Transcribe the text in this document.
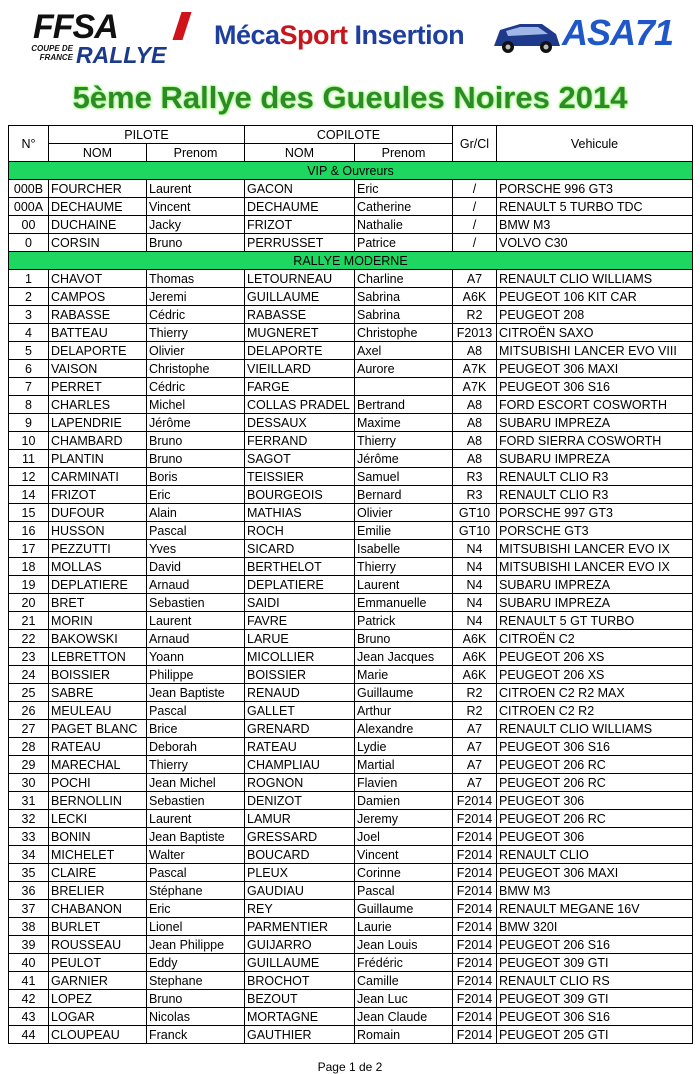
FFSA
COUPE DE FRANCE RALLYE
MécaSport Insertion	ASA71
5ème Rallye des Gueules Noires 2014
N°	PILOTE		COPILOTE		Gr/Cl	Vehicule
	NOM	Prenom	NOM	Prenom		
VIP & Ouvreurs						
000B	FOURCHER	Laurent	GACON	Eric	/	PORSCHE 996 GT3
000A	DECHAUME	Vincent	DECHAUME	Catherine	/	RENAULT 5 TURBO TDC
00	DUCHAINE	Jacky	FRIZOT	Nathalie	/	BMW M3
0	CORSIN	Bruno	PERRUSSET	Patrice	/	VOLVO C30
RALLYE MODERNE						
1	CHAVOT	Thomas	LETOURNEAU	Charline	A7	RENAULT CLIO WILLIAMS
2	CAMPOS	Jeremi	GUILLAUME	Sabrina	A6K	PEUGEOT 106 KIT CAR
3	RABASSE	Cédric	RABASSE	Sabrina	R2	PEUGEOT 208
4	BATTEAU	Thierry	MUGNERET	Christophe	F2013	CITROËN SAXO
5	DELAPORTE	Olivier	DELAPORTE	Axel	A8	MITSUBISHI LANCER EVO VIII
6	VAISON	Christophe	VIEILLARD	Aurore	A7K	PEUGEOT 306 MAXI
7	PERRET	Cédric	FARGE		A7K	PEUGEOT 306 S16
8	CHARLES	Michel	COLLAS PRADEL	Bertrand	A8	FORD ESCORT COSWORTH
9	LAPENDRIE	Jérôme	DESSAUX	Maxime	A8	SUBARU IMPREZA
10	CHAMBARD	Bruno	FERRAND	Thierry	A8	FORD SIERRA COSWORTH
11	PLANTIN	Bruno	SAGOT	Jérôme	A8	SUBARU IMPREZA
12	CARMINATI	Boris	TEISSIER	Samuel	R3	RENAULT CLIO R3
14	FRIZOT	Eric	BOURGEOIS	Bernard	R3	RENAULT CLIO R3
15	DUFOUR	Alain	MATHIAS	Olivier	GT10	PORSCHE 997 GT3
16	HUSSON	Pascal	ROCH	Emilie	GT10	PORSCHE GT3
17	PEZZUTTI	Yves	SICARD	Isabelle	N4	MITSUBISHI LANCER EVO IX
18	MOLLAS	David	BERTHELOT	Thierry	N4	MITSUBISHI LANCER EVO IX
19	DEPLATIERE	Arnaud	DEPLATIERE	Laurent	N4	SUBARU IMPREZA
20	BRET	Sebastien	SAIDI	Emmanuelle	N4	SUBARU IMPREZA
21	MORIN	Laurent	FAVRE	Patrick	N4	RENAULT 5 GT TURBO
22	BAKOWSKI	Arnaud	LARUE	Bruno	A6K	CITROËN C2
23	LEBRETTON	Yoann	MICOLLIER	Jean Jacques	A6K	PEUGEOT 206 XS
24	BOISSIER	Philippe	BOISSIER	Marie	A6K	PEUGEOT 206 XS
25	SABRE	Jean Baptiste	RENAUD	Guillaume	R2	CITROEN C2 R2 MAX
26	MEULEAU	Pascal	GALLET	Arthur	R2	CITROEN C2 R2
27	PAGET BLANC	Brice	GRENARD	Alexandre	A7	RENAULT CLIO WILLIAMS
28	RATEAU	Deborah	RATEAU	Lydie	A7	PEUGEOT 306 S16
29	MARECHAL	Thierry	CHAMPLIAU	Martial	A7	PEUGEOT 206 RC
30	POCHI	Jean Michel	ROGNON	Flavien	A7	PEUGEOT 206 RC
31	BERNOLLIN	Sebastien	DENIZOT	Damien	F2014	PEUGEOT 306
32	LECKI	Laurent	LAMUR	Jeremy	F2014	PEUGEOT 206 RC
33	BONIN	Jean Baptiste	GRESSARD	Joel	F2014	PEUGEOT 306
34	MICHELET	Walter	BOUCARD	Vincent	F2014	RENAULT CLIO
35	CLAIRE	Pascal	PLEUX	Corinne	F2014	PEUGEOT 306 MAXI
36	BRELIER	Stéphane	GAUDIAU	Pascal	F2014	BMW M3
37	CHABANON	Eric	REY	Guillaume	F2014	RENAULT MEGANE 16V
38	BURLET	Lionel	PARMENTIER	Laurie	F2014	BMW 320I
39	ROUSSEAU	Jean Philippe	GUIJARRO	Jean Louis	F2014	PEUGEOT 206 S16
40	PEULOT	Eddy	GUILLAUME	Frédéric	F2014	PEUGEOT 309 GTI
41	GARNIER	Stephane	BROCHOT	Camille	F2014	RENAULT CLIO RS
42	LOPEZ	Bruno	BEZOUT	Jean Luc	F2014	PEUGEOT 309 GTI
43	LOGAR	Nicolas	MORTAGNE	Jean Claude	F2014	PEUGEOT 306 S16
44	CLOUPEAU	Franck	GAUTHIER	Romain	F2014	PEUGEOT 205 GTI
Page 1 de 2
